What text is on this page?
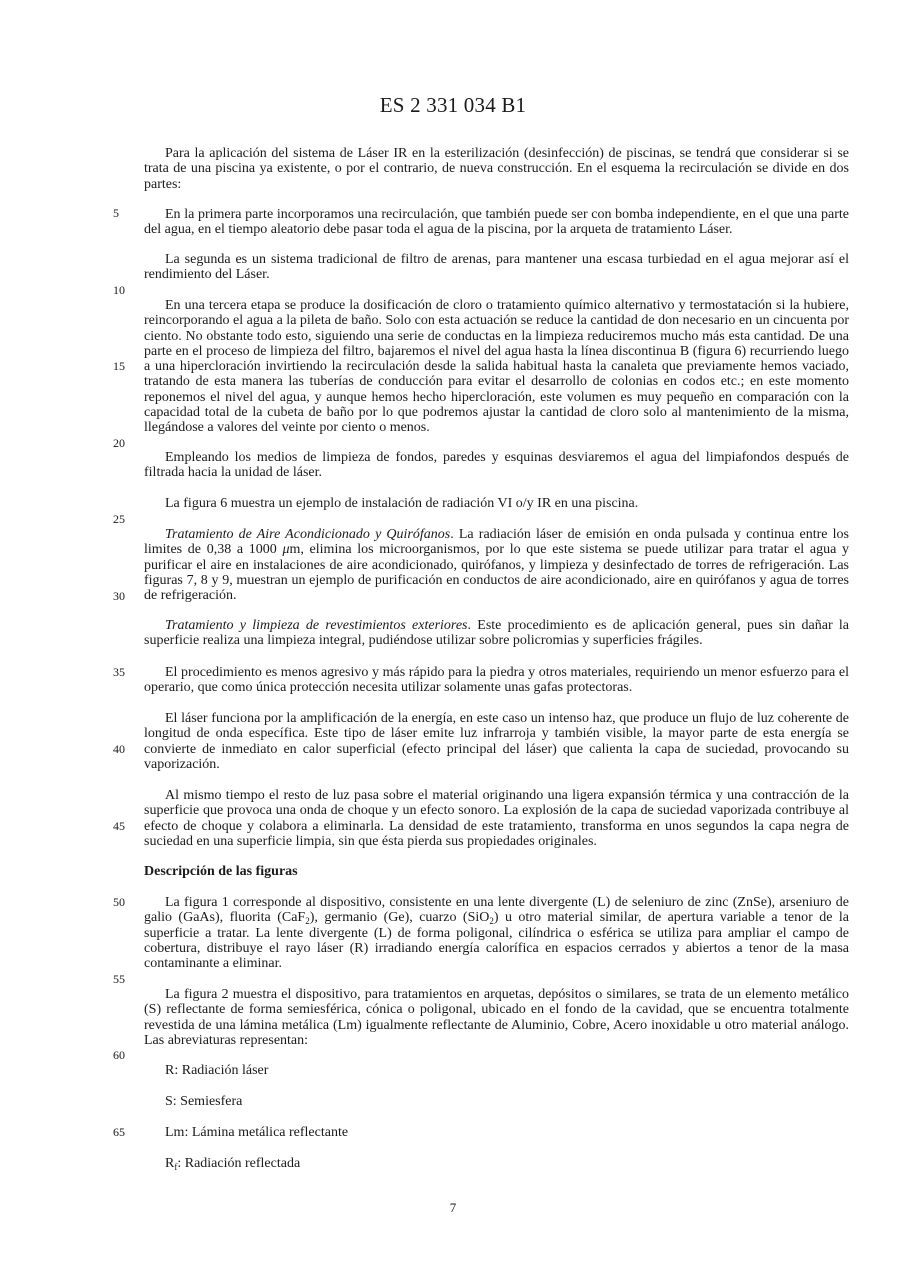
ES 2 331 034 B1
Para la aplicación del sistema de Láser IR en la esterilización (desinfección) de piscinas, se tendrá que considerar si se trata de una piscina ya existente, o por el contrario, de nueva construcción. En el esquema la recirculación se divide en dos partes:
En la primera parte incorporamos una recirculación, que también puede ser con bomba independiente, en el que una parte del agua, en el tiempo aleatorio debe pasar toda el agua de la piscina, por la arqueta de tratamiento Láser.
La segunda es un sistema tradicional de filtro de arenas, para mantener una escasa turbiedad en el agua mejorar así el rendimiento del Láser.
En una tercera etapa se produce la dosificación de cloro o tratamiento químico alternativo y termostatación si la hubiere, reincorporando el agua a la pileta de baño. Solo con esta actuación se reduce la cantidad de don necesario en un cincuenta por ciento. No obstante todo esto, siguiendo una serie de conductas en la limpieza reduciremos mucho más esta cantidad. De una parte en el proceso de limpieza del filtro, bajaremos el nivel del agua hasta la línea discontinua B (figura 6) recurriendo luego a una hipercloración invirtiendo la recirculación desde la salida habitual hasta la canaleta que previamente hemos vaciado, tratando de esta manera las tuberías de conducción para evitar el desarrollo de colonias en codos etc.; en este momento reponemos el nivel del agua, y aunque hemos hecho hipercloración, este volumen es muy pequeño en comparación con la capacidad total de la cubeta de baño por lo que podremos ajustar la cantidad de cloro solo al mantenimiento de la misma, llegándose a valores del veinte por ciento o menos.
Empleando los medios de limpieza de fondos, paredes y esquinas desviaremos el agua del limpiafondos después de filtrada hacia la unidad de láser.
La figura 6 muestra un ejemplo de instalación de radiación VI o/y IR en una piscina.
Tratamiento de Aire Acondicionado y Quirófanos. La radiación láser de emisión en onda pulsada y continua entre los limites de 0,38 a 1000 μm, elimina los microorganismos, por lo que este sistema se puede utilizar para tratar el agua y purificar el aire en instalaciones de aire acondicionado, quirófanos, y limpieza y desinfectado de torres de refrigeración. Las figuras 7, 8 y 9, muestran un ejemplo de purificación en conductos de aire acondicionado, aire en quirófanos y agua de torres de refrigeración.
Tratamiento y limpieza de revestimientos exteriores. Este procedimiento es de aplicación general, pues sin dañar la superficie realiza una limpieza integral, pudiéndose utilizar sobre policromias y superficies frágiles.
El procedimiento es menos agresivo y más rápido para la piedra y otros materiales, requiriendo un menor esfuerzo para el operario, que como única protección necesita utilizar solamente unas gafas protectoras.
El láser funciona por la amplificación de la energía, en este caso un intenso haz, que produce un flujo de luz coherente de longitud de onda específica. Este tipo de láser emite luz infrarroja y también visible, la mayor parte de esta energía se convierte de inmediato en calor superficial (efecto principal del láser) que calienta la capa de suciedad, provocando su vaporización.
Al mismo tiempo el resto de luz pasa sobre el material originando una ligera expansión térmica y una contracción de la superficie que provoca una onda de choque y un efecto sonoro. La explosión de la capa de suciedad vaporizada contribuye al efecto de choque y colabora a eliminarla. La densidad de este tratamiento, transforma en unos segundos la capa negra de suciedad en una superficie limpia, sin que ésta pierda sus propiedades originales.
Descripción de las figuras
La figura 1 corresponde al dispositivo, consistente en una lente divergente (L) de seleniuro de zinc (ZnSe), arseniuro de galio (GaAs), fluorita (CaF$_2$), germanio (Ge), cuarzo (SiO$_2$) u otro material similar, de apertura variable a tenor de la superficie a tratar. La lente divergente (L) de forma poligonal, cilíndrica o esférica se utiliza para ampliar el campo de cobertura, distribuye el rayo láser (R) irradiando energía calorífica en espacios cerrados y abiertos a tenor de la masa contaminante a eliminar.
La figura 2 muestra el dispositivo, para tratamientos en arquetas, depósitos o similares, se trata de un elemento metálico (S) reflectante de forma semiesférica, cónica o poligonal, ubicado en el fondo de la cavidad, que se encuentra totalmente revestida de una lámina metálica (Lm) igualmente reflectante de Aluminio, Cobre, Acero inoxidable u otro material análogo. Las abreviaturas representan:
R: Radiación láser
S: Semiesfera
Lm: Lámina metálica reflectante
$R_f$: Radiación reflectada
5
10
15
20
25
30
35
40
45
50
55
60
65
7
